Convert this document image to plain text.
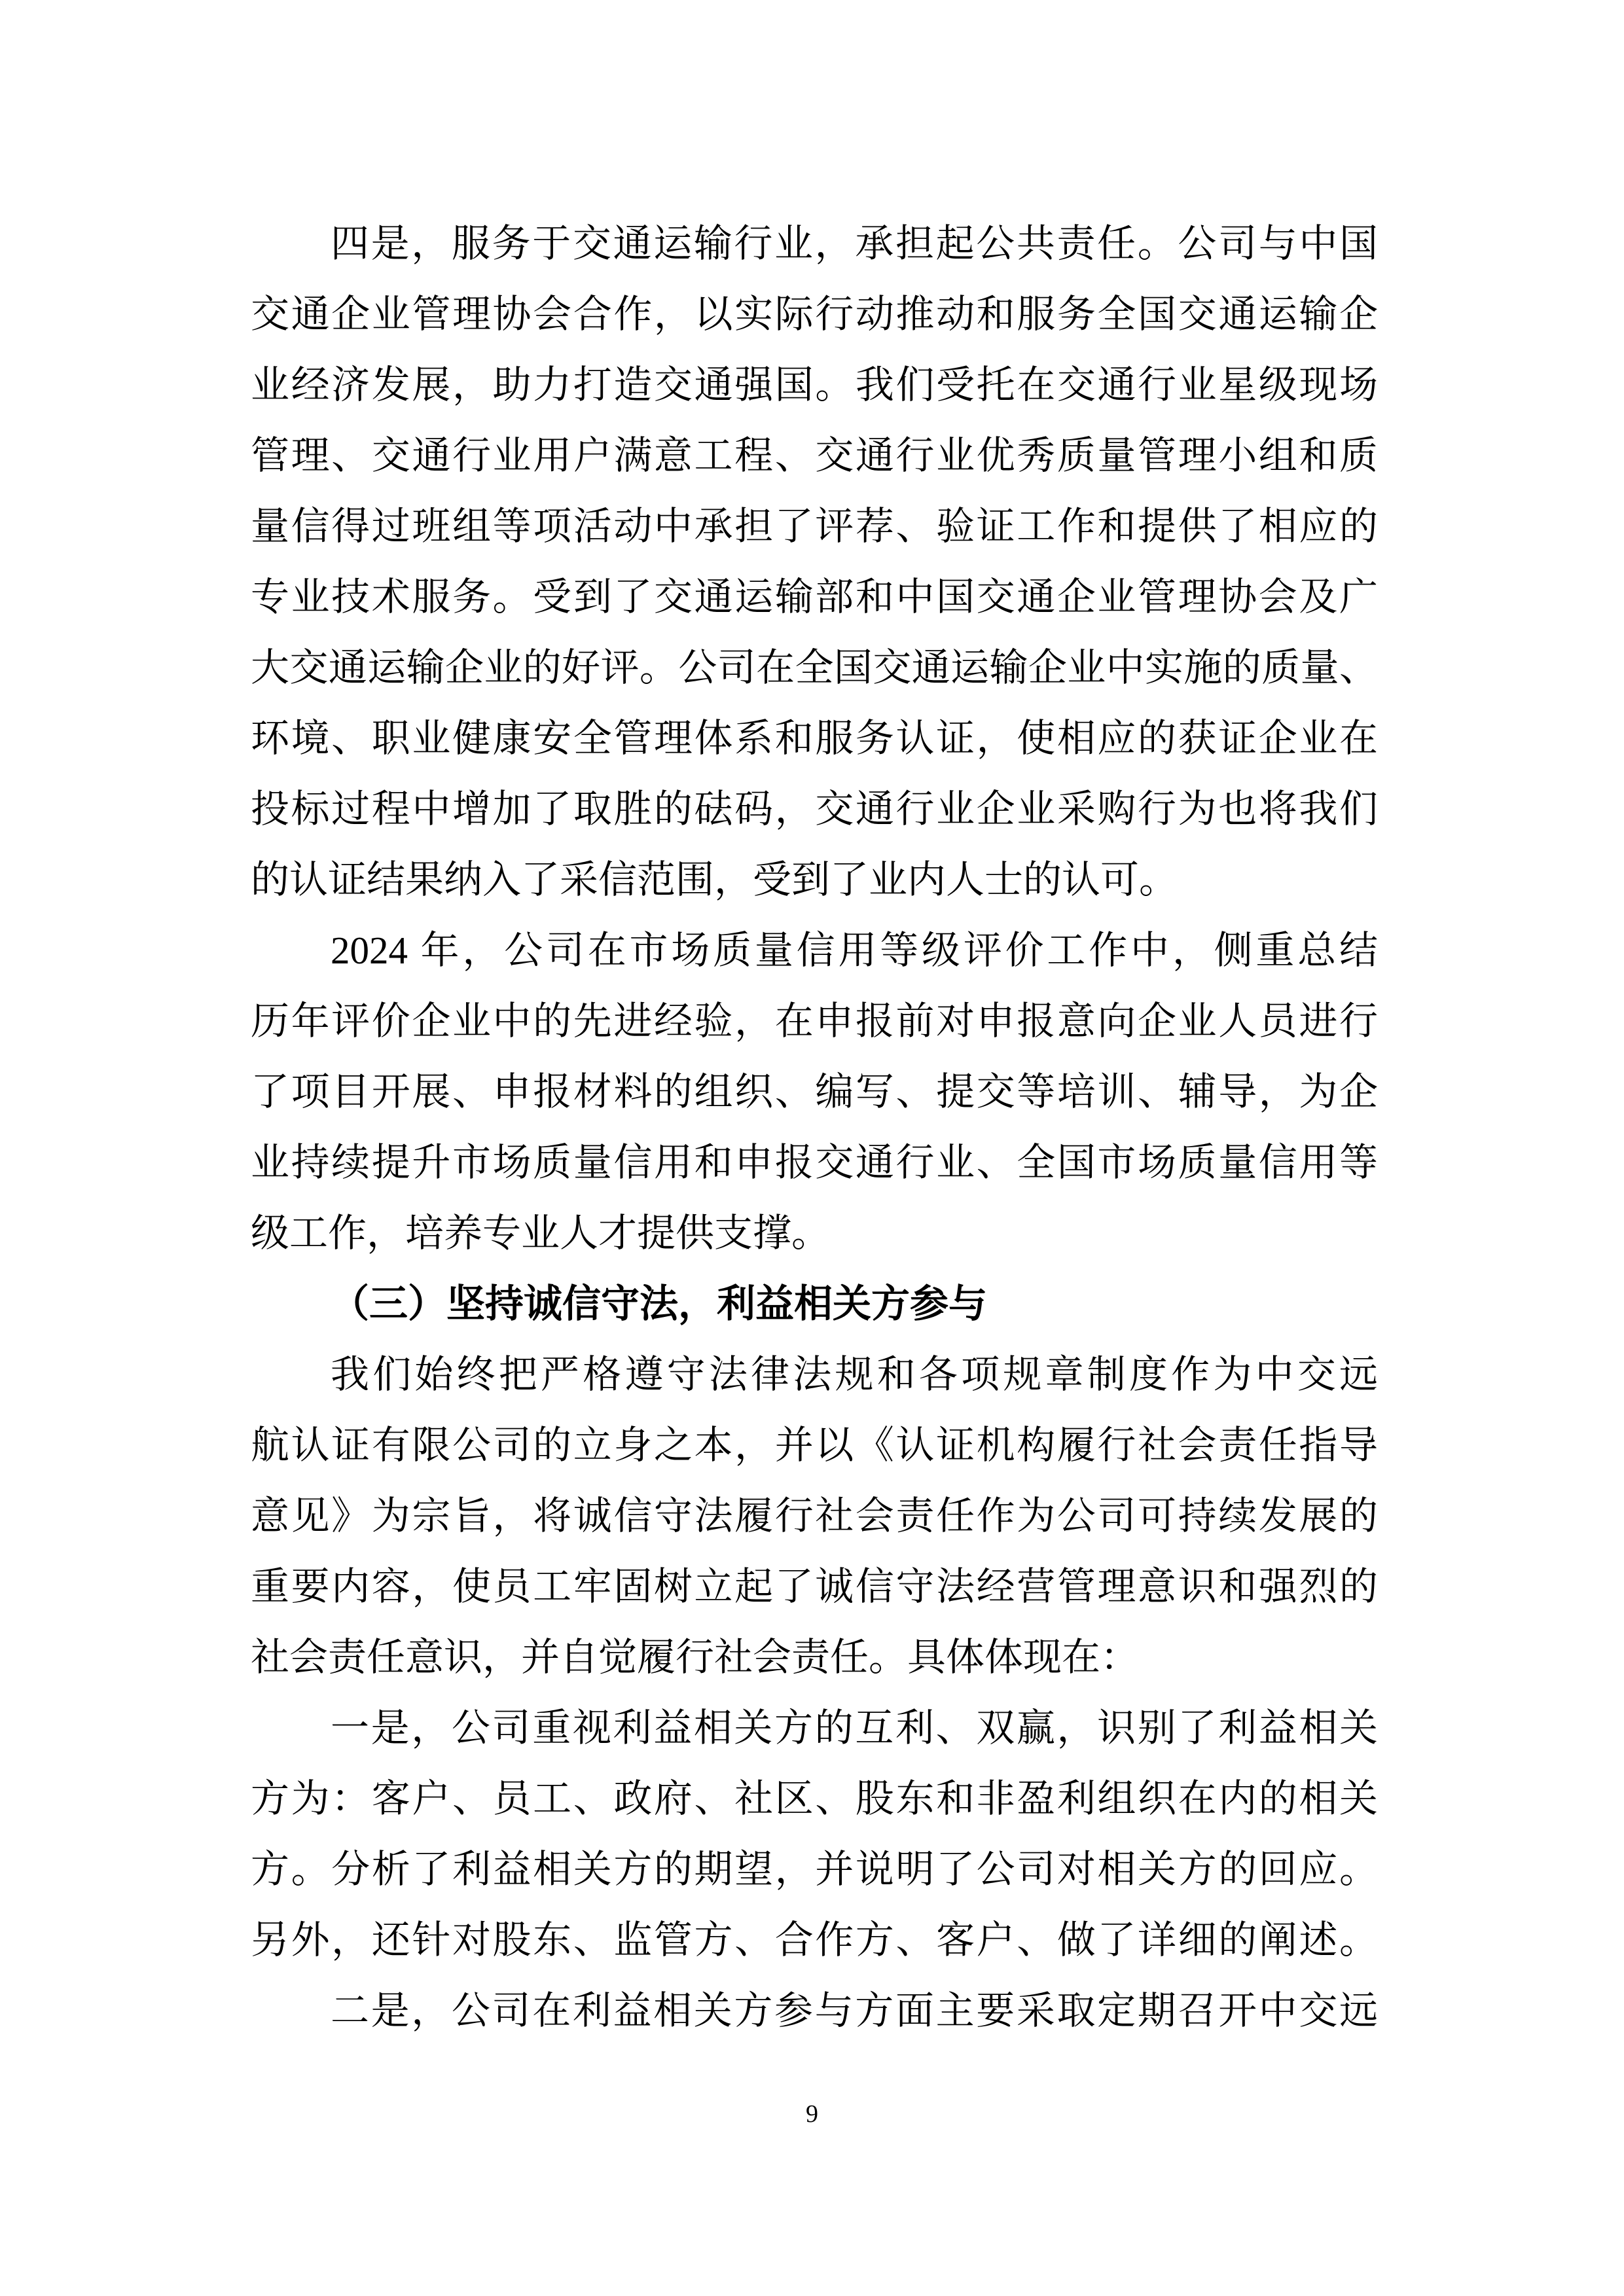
四是，服务于交通运输行业，承担起公共责任。公司与中国
交通企业管理协会合作，以实际行动推动和服务全国交通运输企
业经济发展，助力打造交通强国。我们受托在交通行业星级现场
管理、交通行业用户满意工程、交通行业优秀质量管理小组和质
量信得过班组等项活动中承担了评荐、验证工作和提供了相应的
专业技术服务。受到了交通运输部和中国交通企业管理协会及广
大交通运输企业的好评。公司在全国交通运输企业中实施的质量、
环境、职业健康安全管理体系和服务认证，使相应的获证企业在
投标过程中增加了取胜的砝码，交通行业企业采购行为也将我们
的认证结果纳入了采信范围，受到了业内人士的认可。
2024 年，公司在市场质量信用等级评价工作中，侧重总结
历年评价企业中的先进经验，在申报前对申报意向企业人员进行
了项目开展、申报材料的组织、编写、提交等培训、辅导，为企
业持续提升市场质量信用和申报交通行业、全国市场质量信用等
级工作，培养专业人才提供支撑。
（三）坚持诚信守法，利益相关方参与
我们始终把严格遵守法律法规和各项规章制度作为中交远
航认证有限公司的立身之本，并以《认证机构履行社会责任指导
意见》为宗旨，将诚信守法履行社会责任作为公司可持续发展的
重要内容，使员工牢固树立起了诚信守法经营管理意识和强烈的
社会责任意识，并自觉履行社会责任。具体体现在：
一是，公司重视利益相关方的互利、双赢，识别了利益相关
方为：客户、员工、政府、社区、股东和非盈利组织在内的相关
方。分析了利益相关方的期望，并说明了公司对相关方的回应。
另外，还针对股东、监管方、合作方、客户、做了详细的阐述。
二是，公司在利益相关方参与方面主要采取定期召开中交远
9
